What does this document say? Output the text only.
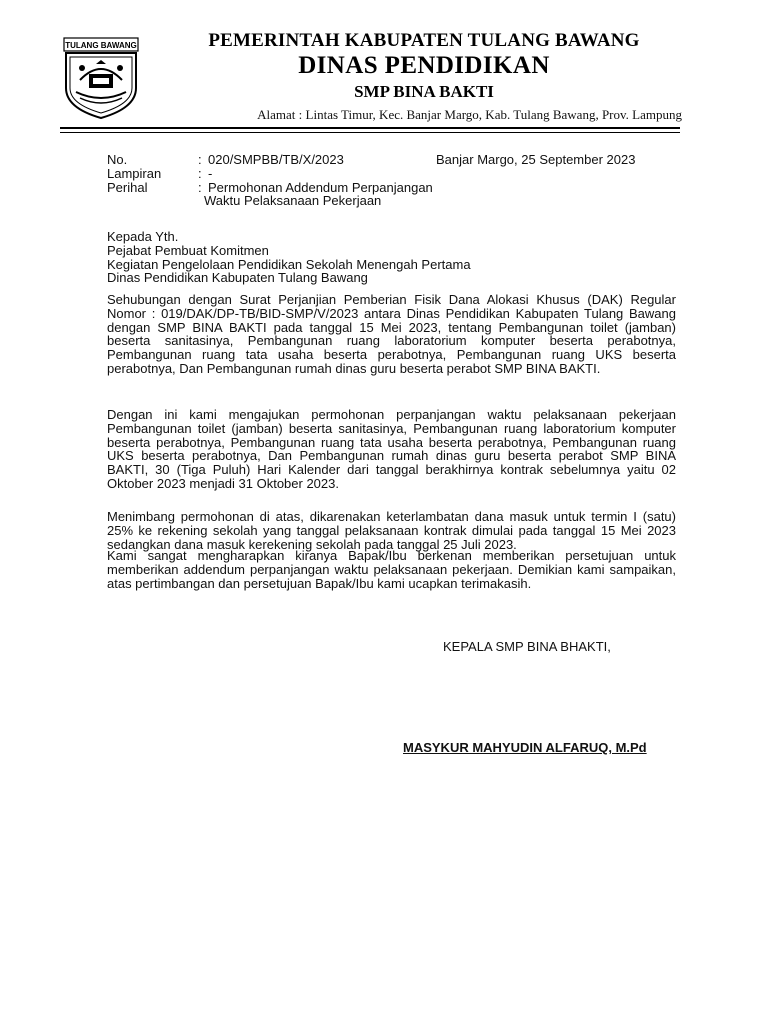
TULANG BAWANG	PEMERINTAH KABUPATEN TULANG BAWANG
DINAS PENDIDIKAN
SMP BINA BAKTI
Alamat : Lintas Timur, Kec. Banjar Margo, Kab. Tulang Bawang, Prov. Lampung
No.	: 020/SMPBB/TB/X/2023	Banjar Margo, 25 September 2023
Lampiran	: -
Perihal	: Permohonan Addendum Perpanjangan
Waktu Pelaksanaan Pekerjaan
Kepada Yth.
Pejabat Pembuat Komitmen
Kegiatan Pengelolaan Pendidikan Sekolah Menengah Pertama
Dinas Pendidikan Kabupaten Tulang Bawang

Sehubungan dengan Surat Perjanjian Pemberian Fisik Dana Alokasi Khusus (DAK) Regular Nomor : 019/DAK/DP-TB/BID-SMP/V/2023 antara Dinas Pendidikan Kabupaten Tulang Bawang dengan SMP BINA BAKTI pada tanggal 15 Mei 2023, tentang Pembangunan toilet (jamban) beserta sanitasinya, Pembangunan ruang laboratorium komputer beserta perabotnya, Pembangunan ruang tata usaha beserta perabotnya, Pembangunan ruang UKS beserta perabotnya, Dan Pembangunan rumah dinas guru beserta perabot SMP BINA BAKTI.

Dengan ini kami mengajukan permohonan perpanjangan waktu pelaksanaan pekerjaan Pembangunan toilet (jamban) beserta sanitasinya, Pembangunan ruang laboratorium komputer beserta perabotnya, Pembangunan ruang tata usaha beserta perabotnya, Pembangunan ruang UKS beserta perabotnya, Dan Pembangunan rumah dinas guru beserta perabot SMP BINA BAKTI, 30 (Tiga Puluh) Hari Kalender dari tanggal berakhirnya kontrak sebelumnya yaitu 02 Oktober 2023 menjadi 31 Oktober 2023.

Menimbang permohonan di atas, dikarenakan keterlambatan dana masuk untuk termin I (satu) 25% ke rekening sekolah yang tanggal pelaksanaan kontrak dimulai pada tanggal 15 Mei 2023 sedangkan dana masuk kerekening sekolah pada tanggal 25 Juli 2023.

Kami sangat mengharapkan kiranya Bapak/Ibu berkenan memberikan persetujuan untuk memberikan addendum perpanjangan waktu pelaksanaan pekerjaan. Demikian kami sampaikan, atas pertimbangan dan persetujuan Bapak/Ibu kami ucapkan terimakasih.

KEPALA SMP BINA BHAKTI,
MASYKUR MAHYUDIN ALFARUQ, M.Pd
